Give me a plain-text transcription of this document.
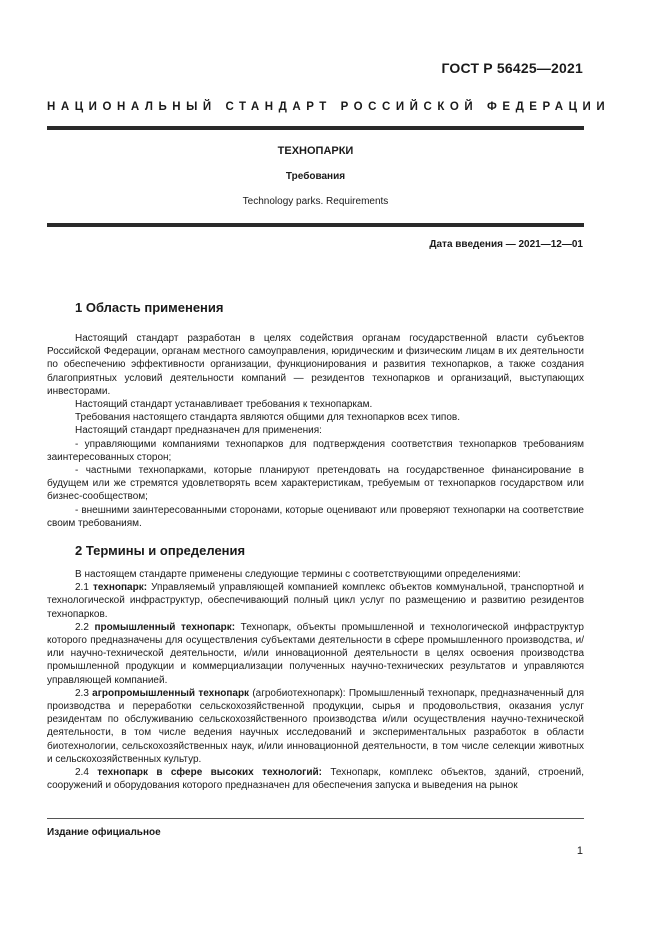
ГОСТ Р 56425—2021
НАЦИОНАЛЬНЫЙ СТАНДАРТ РОССИЙСКОЙ ФЕДЕРАЦИИ
ТЕХНОПАРКИ
Требования
Technology parks. Requirements
Дата введения — 2021—12—01
1 Область применения

Настоящий стандарт разработан в целях содействия органам государственной власти субъектов Российской Федерации, органам местного самоуправления, юридическим и физическим лицам в их деятельности по обеспечению эффективности организации, функционирования и развития технопарков, а также создания благоприятных условий деятельности компаний — резидентов технопарков и организаций, выступающих инвесторами.

Настоящий стандарт устанавливает требования к технопаркам.

Требования настоящего стандарта являются общими для технопарков всех типов.

Настоящий стандарт предназначен для применения:

- управляющими компаниями технопарков для подтверждения соответствия технопарков требованиям заинтересованных сторон;

- частными технопарками, которые планируют претендовать на государственное финансирование в будущем или же стремятся удовлетворять всем характеристикам, требуемым от технопарков государством или бизнес-сообществом;

- внешними заинтересованными сторонами, которые оценивают или проверяют технопарки на соответствие своим требованиям.

2 Термины и определения

В настоящем стандарте применены следующие термины с соответствующими определениями:

2.1 технопарк: Управляемый управляющей компанией комплекс объектов коммунальной, транспортной и технологической инфраструктур, обеспечивающий полный цикл услуг по размещению и развитию резидентов технопарков.

2.2 промышленный технопарк: Технопарк, объекты промышленной и технологической инфраструктур которого предназначены для осуществления субъектами деятельности в сфере промышленного производства, и/или научно-технической деятельности, и/или инновационной деятельности в целях освоения производства промышленной продукции и коммерциализации полученных научно-технических результатов и управляются управляющей компанией.

2.3 агропромышленный технопарк (агробиотехнопарк): Промышленный технопарк, предназначенный для производства и переработки сельскохозяйственной продукции, сырья и продовольствия, оказания услуг резидентам по обслуживанию сельскохозяйственного производства и/или осуществления научно-технической деятельности, в том числе ведения научных исследований и экспериментальных разработок в области биотехнологии, сельскохозяйственных наук, и/или инновационной деятельности, в том числе селекции животных и сельскохозяйственных культур.

2.4 технопарк в сфере высоких технологий: Технопарк, комплекс объектов, зданий, строений, сооружений и оборудования которого предназначен для обеспечения запуска и выведения на рынок

Издание официальное
1
